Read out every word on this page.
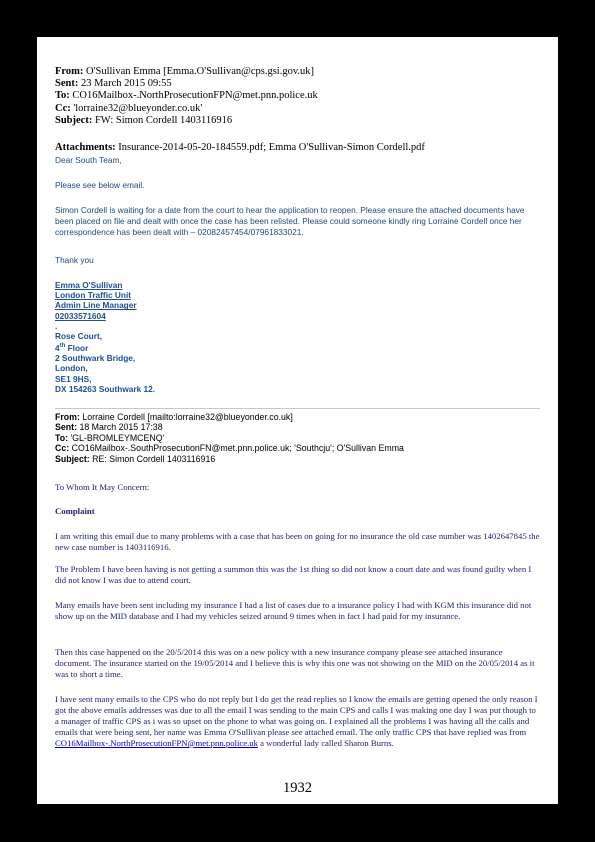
From: O'Sullivan Emma [Emma.O'Sullivan@cps.gsi.gov.uk]
Sent: 23 March 2015 09:55
To: CO16Mailbox-.NorthProsecutionFPN@met.pnn.police.uk
Cc: 'lorraine32@blueyonder.co.uk'
Subject: FW: Simon Cordell 1403116916
Attachments: Insurance-2014-05-20-184559.pdf; Emma O'Sullivan-Simon Cordell.pdf

Dear South Team,

Please see below email.

Simon Cordell is waiting for a date from the court to hear the application to reopen. Please ensure the attached documents have been placed on file and dealt with once the case has been relisted. Please could someone kindly ring Lorraine Cordell once her correspondence has been dealt with – 02082457454/07961833021.

Thank you

Emma O'Sullivan
London Traffic Unit
Admin Line Manager
02033571604
.
Rose Court,
4th Floor
2 Southwark Bridge,
London,
SE1 9HS,
DX 154263 Southwark 12.
From: Lorraine Cordell [mailto:lorraine32@blueyonder.co.uk]
Sent: 18 March 2015 17:38
To: 'GL-BROMLEYMCENQ'
Cc: CO16Mailbox-.SouthProsecutionFN@met.pnn.police.uk; 'Southcju'; O'Sullivan Emma
Subject: RE: Simon Cordell 1403116916

To Whom It May Concern:

Complaint

I am writing this email due to many problems with a case that has been on going for no insurance the old case number was 1402647845 the new case number is 1403116916.

The Problem I have been having is not getting a summon this was the 1st thing so did not know a court date and was found guilty when I did not know I was due to attend court.

Many emails have been sent including my insurance I had a list of cases due to a insurance policy I had with KGM this insurance did not show up on the MID database and I had my vehicles seized around 9 times when in fact I had paid for my insurance.

Then this case happened on the 20/5/2014 this was on a new policy with a new insurance company please see attached insurance document. The insurance started on the 19/05/2014 and I believe this is why this one was not showing on the MID on the 20/05/2014 as it was to short a time.

I have sent many emails to the CPS who do not reply but I do get the read replies so I know the emails are getting opened the only reason I got the above emails addresses was due to all the email I was sending to the main CPS and calls I was making one day I was put though to a manager of traffic CPS as i was so upset on the phone to what was going on. I explained all the problems I was having all the calls and emails that were being sent, her name was Emma O'Sullivan please see attached email. The only traffic CPS that have replied was from CO16Mailbox-.NorthProsecutionFPN@met.pnn.police.uk a wonderful lady called Sharon Burns.

1932
